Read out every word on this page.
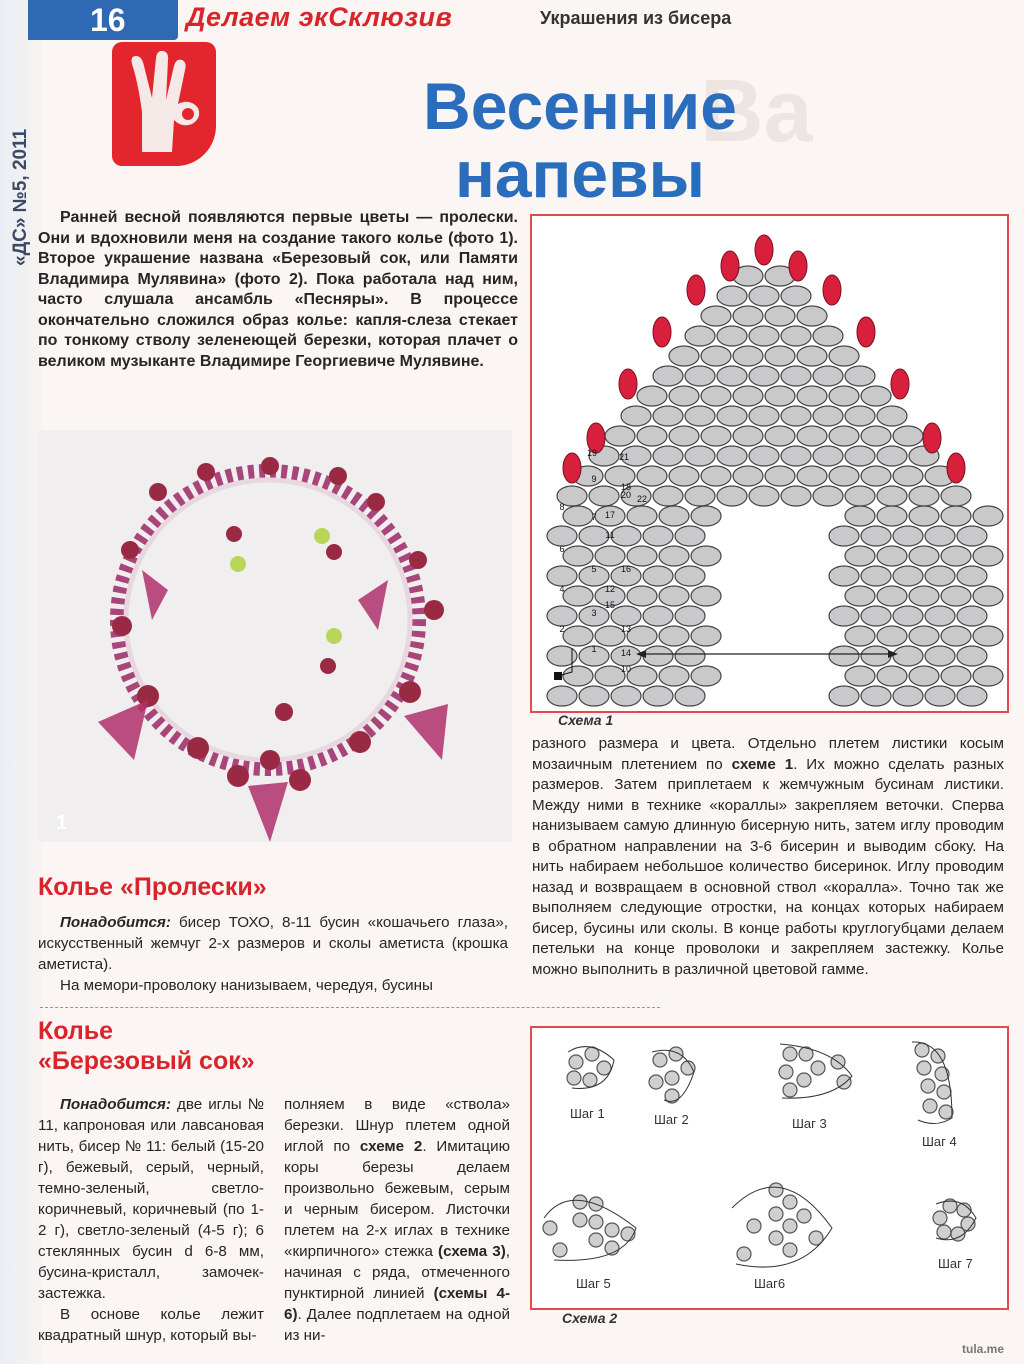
«ДС» №5, 2011
16 Делаем экСклюзив	Украшения из бисера
Ва
Весенние
напевы

Ранней весной появляются первые цветы — пролески. Они и вдохновили меня на создание такого колье (фото 1). Второе украшение названа «Березовый сок, или Памяти Владимира Мулявина» (фото 2). Пока работала над ним, часто слушала ансамбль «Песняры». В процессе окончательно сложился образ колье: капля-слеза стекает по тонкому стволу зеленеющей березки, которая плачет о великом музыканте Владимире Георгиевиче Мулявине.

1
1
2
3
4
5
6
7
8
9
10
11
12
13
14
15
16
17
18
19
20
21
22
Схема 1

разного размера и цвета. Отдельно плетем листики косым мозаичным плетением по схеме 1. Их можно сделать разных размеров. Затем приплетаем к жемчужным бусинам листики. Между ними в технике «кораллы» закрепляем веточки. Сперва нанизываем самую длинную бисерную нить, затем иглу проводим в обратном направлении на 3-6 бисерин и выводим сбоку. На нить набираем небольшое количество бисеринок. Иглу проводим назад и возвращаем в основной ствол «коралла». Точно так же выполняем следующие отростки, на концах которых набираем бисер, бусины или сколы. В конце работы круглогубцами делаем петельки на конце проволоки и закрепляем застежку. Колье можно выполнить в различной цветовой гамме.

Колье «Пролески»

Понадобится: бисер ТОХО, 8-11 бусин «кошачьего глаза», искусственный жемчуг 2-х размеров и сколы аметиста (крошка аметиста).

На мемори-проволоку нанизываем, чередуя, бусины

Колье
«Березовый сок»

Понадобится: две иглы № 11, капроновая или лавсановая нить, бисер № 11: белый (15-20 г), бежевый, серый, черный, темно-зеленый, светло-коричневый, коричневый (по 1-2 г), светло-зеленый (4-5 г); 6 стеклянных бусин d 6-8 мм, бусина-кристалл, замочек-застежка.

В основе колье лежит квадратный шнур, который вы-

полняем в виде «ствола» березки. Шнур плетем одной иглой по схеме 2. Имитацию коры березы делаем произвольно бежевым, серым и черным бисером. Листочки плетем на 2-х иглах в технике «кирпичного» стежка (схема 3), начиная с ряда, отмеченного пунктирной линией (схемы 4-6). Далее подплетаем на одной из ни-

Шаг 1	Шаг 2	Шаг 3
Шаг 4
Шаг 5	Шаг6
Шаг 7
Схема 2
tula.me
